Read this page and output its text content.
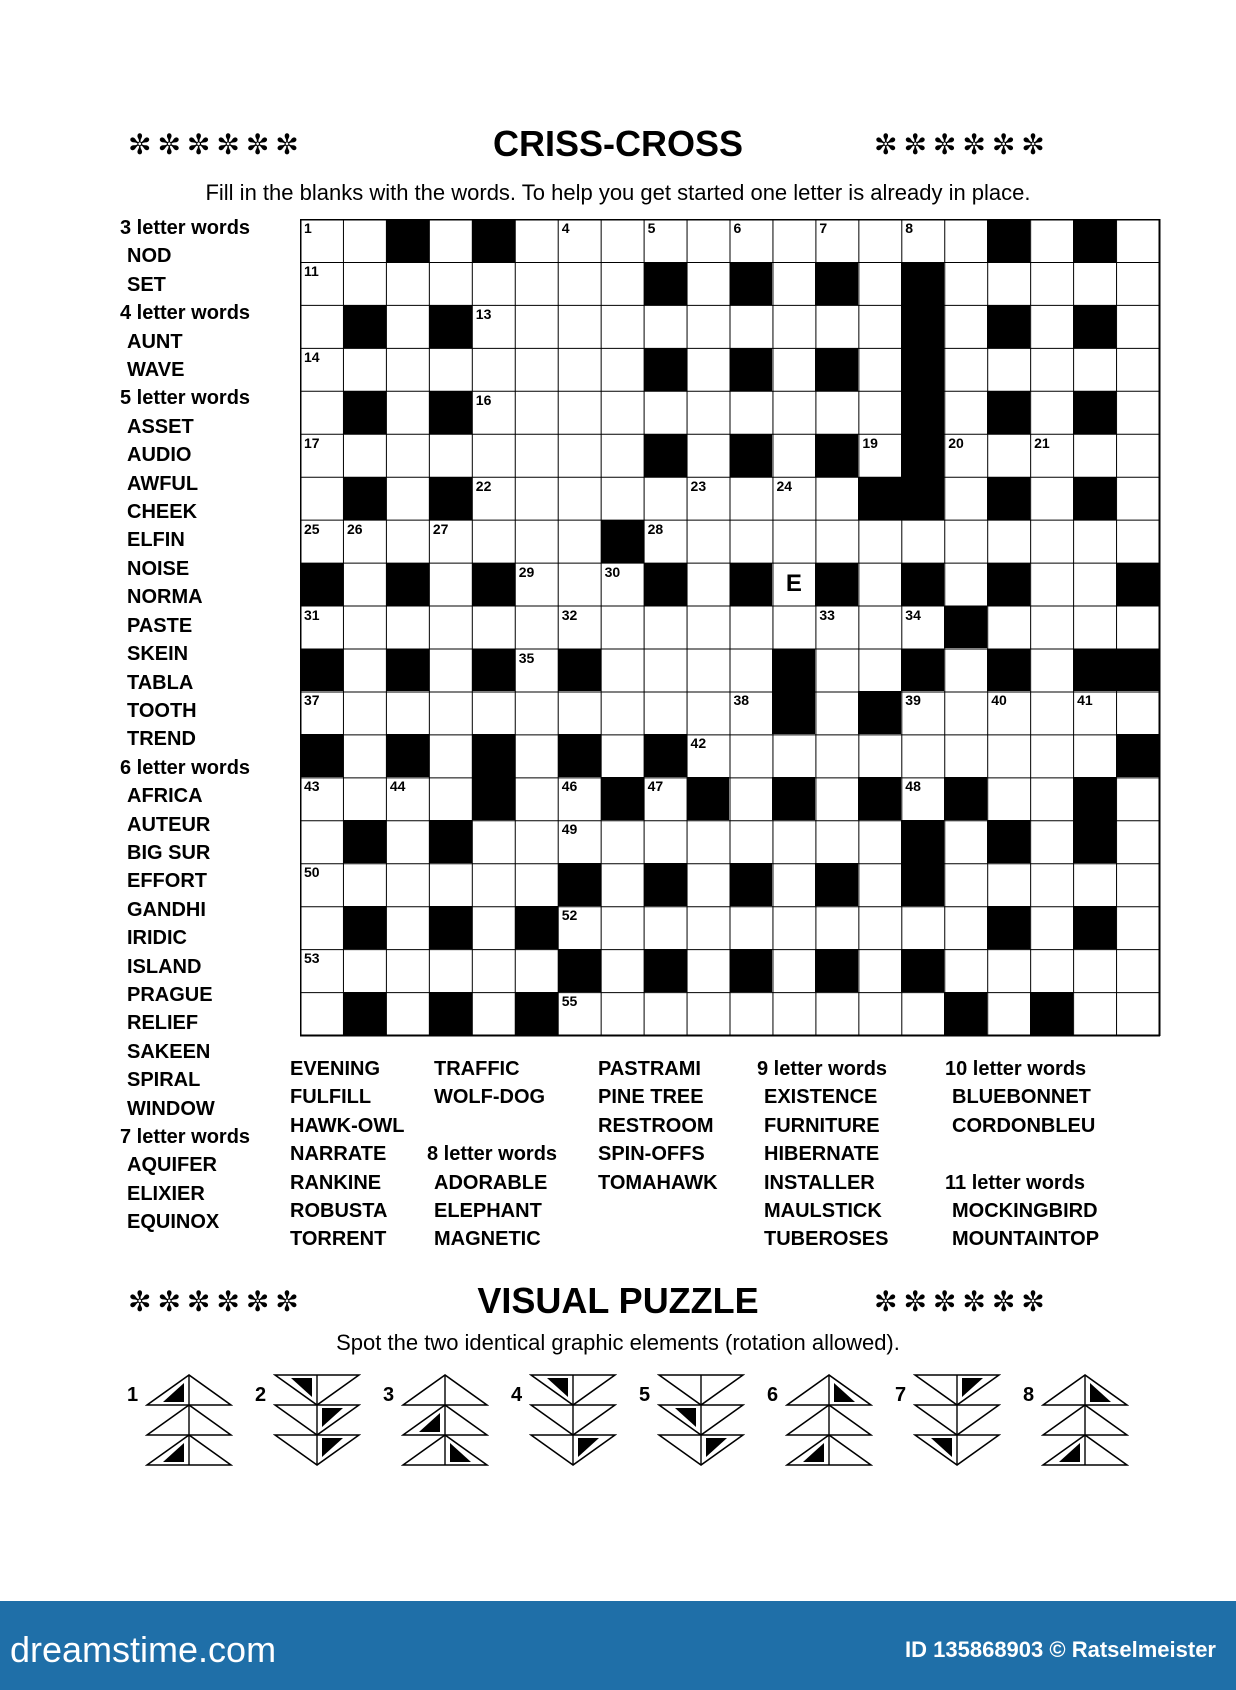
✼✼✼✼✼✼	CRISS-CROSS	✼✼✼✼✼✼
Fill in the blanks with the words. To help you get started one letter is already in place.
3 letter words
NOD
SET
4 letter words
AUNT
WAVE
5 letter words
ASSET
AUDIO
AWFUL
CHEEK
ELFIN
NOISE
NORMA
PASTE
SKEIN
TABLA
TOOTH
TREND
6 letter words
AFRICA
AUTEUR
BIG SUR
EFFORT
GANDHI
IRIDIC
ISLAND
PRAGUE
RELIEF
SAKEEN
SPIRAL
WINDOW
7 letter words
AQUIFER
ELIXIER
EQUINOX
EVENING
FULFILL
HAWK-OWL
NARRATE
RANKINE
ROBUSTA
TORRENT
TRAFFIC
WOLF-DOG

8 letter words
ADORABLE
ELEPHANT
MAGNETIC
PASTRAMI
PINE TREE
RESTROOM
SPIN-OFFS
TOMAHAWK
9 letter words
EXISTENCE
FURNITURE
HIBERNATE
INSTALLER
MAULSTICK
TUBEROSES
10 letter words
BLUEBONNET
CORDONBLEU

11 letter words
MOCKINGBIRD
MOUNTAINTOP
1	2	3	4	5	6	7	8	9	10
11	12
13
14	15
16
17	18 19	20	21
22	23	24
25 26	27	28
29	30	E
31	32	33	34
35	36
37	38	39	40	41
42
43	44	45	46	47	48
49
50	51
52
53	54
55
✼✼✼✼✼✼	VISUAL PUZZLE	✼✼✼✼✼✼
Spot the two identical graphic elements (rotation allowed).
1	2	3	4	5	6	7	8
dreamstime.com	ID 135868903 © Ratselmeister
